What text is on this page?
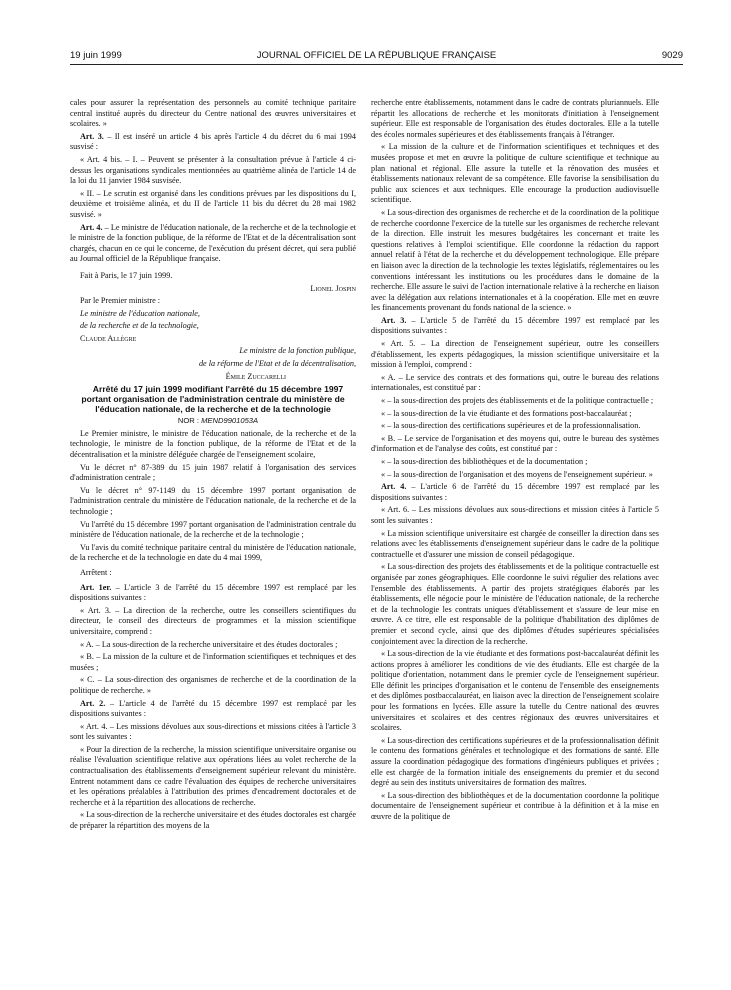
19 juin 1999	JOURNAL OFFICIEL DE LA RÉPUBLIQUE FRANÇAISE	9029

cales pour assurer la représentation des personnels au comité technique paritaire central institué auprès du directeur du Centre national des œuvres universitaires et scolaires. »

Art. 3. – Il est inséré un article 4 bis après l'article 4 du décret du 6 mai 1994 susvisé :

« Art. 4 bis. – I. – Peuvent se présenter à la consultation prévue à l'article 4 ci-dessus les organisations syndicales mentionnées au quatrième alinéa de l'article 14 de la loi du 11 janvier 1984 susvisée.

« II. – Le scrutin est organisé dans les conditions prévues par les dispositions du I, deuxième et troisième alinéa, et du II de l'article 11 bis du décret du 28 mai 1982 susvisé. »

Art. 4. – Le ministre de l'éducation nationale, de la recherche et de la technologie et le ministre de la fonction publique, de la réforme de l'Etat et de la décentralisation sont chargés, chacun en ce qui le concerne, de l'exécution du présent décret, qui sera publié au Journal officiel de la République française.

Fait à Paris, le 17 juin 1999.

Lionel Jospin

Par le Premier ministre :

Le ministre de l'éducation nationale,

de la recherche et de la technologie,

Claude Allègre

Le ministre de la fonction publique,

de la réforme de l'Etat et de la décentralisation,

Émile Zuccarelli

Arrêté du 17 juin 1999 modifiant l'arrêté du 15 décembre 1997 portant organisation de l'administration centrale du ministère de l'éducation nationale, de la recherche et de la technologie

NOR : MEND9901053A

Le Premier ministre, le ministre de l'éducation nationale, de la recherche et de la technologie, le ministre de la fonction publique, de la réforme de l'Etat et de la décentralisation et la ministre déléguée chargée de l'enseignement scolaire,

Vu le décret n° 87-389 du 15 juin 1987 relatif à l'organisation des services d'administration centrale ;

Vu le décret n° 97-1149 du 15 décembre 1997 portant organisation de l'administration centrale du ministère de l'éducation nationale, de la recherche et de la technologie ;

Vu l'arrêté du 15 décembre 1997 portant organisation de l'administration centrale du ministère de l'éducation nationale, de la recherche et de la technologie ;

Vu l'avis du comité technique paritaire central du ministère de l'éducation nationale, de la recherche et de la technologie en date du 4 mai 1999,

Arrêtent :

Art. 1er. – L'article 3 de l'arrêté du 15 décembre 1997 est remplacé par les dispositions suivantes :

« Art. 3. – La direction de la recherche, outre les conseillers scientifiques du directeur, le conseil des directeurs de programmes et la mission scientifique universitaire, comprend :

« A. – La sous-direction de la recherche universitaire et des études doctorales ;

« B. – La mission de la culture et de l'information scientifiques et techniques et des musées ;

« C. – La sous-direction des organismes de recherche et de la coordination de la politique de recherche. »

Art. 2. – L'article 4 de l'arrêté du 15 décembre 1997 est remplacé par les dispositions suivantes :

« Art. 4. – Les missions dévolues aux sous-directions et missions citées à l'article 3 sont les suivantes :

« Pour la direction de la recherche, la mission scientifique universitaire organise ou réalise l'évaluation scientifique relative aux opérations liées au volet recherche de la contractualisation des établissements d'enseignement supérieur relevant du ministère. Entrent notamment dans ce cadre l'évaluation des équipes de recherche universitaires et les opérations préalables à l'attribution des primes d'encadrement doctorales et de recherche et à la répartition des allocations de recherche.

« La sous-direction de la recherche universitaire et des études doctorales est chargée de préparer la répartition des moyens de la

recherche entre établissements, notamment dans le cadre de contrats pluriannuels. Elle répartit les allocations de recherche et les monitorats d'initiation à l'enseignement supérieur. Elle est responsable de l'organisation des études doctorales. Elle a la tutelle des écoles normales supérieures et des établissements français à l'étranger.

« La mission de la culture et de l'information scientifiques et techniques et des musées propose et met en œuvre la politique de culture scientifique et technique au plan national et régional. Elle assure la tutelle et la rénovation des musées et établissements nationaux relevant de sa compétence. Elle favorise la sensibilisation du public aux sciences et aux techniques. Elle encourage la production audiovisuelle scientifique.

« La sous-direction des organismes de recherche et de la coordination de la politique de recherche coordonne l'exercice de la tutelle sur les organismes de recherche relevant de la direction. Elle instruit les mesures budgétaires les concernant et traite les questions relatives à l'emploi scientifique. Elle coordonne la rédaction du rapport annuel relatif à l'état de la recherche et du développement technologique. Elle prépare en liaison avec la direction de la technologie les textes législatifs, réglementaires ou les conventions intéressant les institutions ou les procédures dans le domaine de la recherche. Elle assure le suivi de l'action internationale relative à la recherche en liaison avec la délégation aux relations internationales et à la coopération. Elle met en œuvre les financements provenant du fonds national de la science. »

Art. 3. – L'article 5 de l'arrêté du 15 décembre 1997 est remplacé par les dispositions suivantes :

« Art. 5. – La direction de l'enseignement supérieur, outre les conseillers d'établissement, les experts pédagogiques, la mission scientifique universitaire et la mission à l'emploi, comprend :

« A. – Le service des contrats et des formations qui, outre le bureau des relations internationales, est constitué par :

« – la sous-direction des projets des établissements et de la politique contractuelle ;

« – la sous-direction de la vie étudiante et des formations post-baccalauréat ;

« – la sous-direction des certifications supérieures et de la professionnalisation.

« B. – Le service de l'organisation et des moyens qui, outre le bureau des systèmes d'information et de l'analyse des coûts, est constitué par :

« – la sous-direction des bibliothèques et de la documentation ;

« – la sous-direction de l'organisation et des moyens de l'enseignement supérieur. »

Art. 4. – L'article 6 de l'arrêté du 15 décembre 1997 est remplacé par les dispositions suivantes :

« Art. 6. – Les missions dévolues aux sous-directions et mission citées à l'article 5 sont les suivantes :

« La mission scientifique universitaire est chargée de conseiller la direction dans ses relations avec les établissements d'enseignement supérieur dans le cadre de la politique contractuelle et d'assurer une mission de conseil pédagogique.

« La sous-direction des projets des établissements et de la politique contractuelle est organisée par zones géographiques. Elle coordonne le suivi régulier des relations avec l'ensemble des établissements. A partir des projets stratégiques élaborés par les établissements, elle négocie pour le ministère de l'éducation nationale, de la recherche et de la technologie les contrats uniques d'établissement et s'assure de leur mise en œuvre. A ce titre, elle est responsable de la politique d'habilitation des diplômes de premier et second cycle, ainsi que des diplômes d'études supérieures spécialisées conjointement avec la direction de la recherche.

« La sous-direction de la vie étudiante et des formations post-baccalauréat définit les actions propres à améliorer les conditions de vie des étudiants. Elle est chargée de la politique d'orientation, notamment dans le premier cycle de l'enseignement supérieur. Elle définit les principes d'organisation et le contenu de l'ensemble des enseignements et des diplômes postbaccalauréat, en liaison avec la direction de l'enseignement scolaire pour les formations en lycées. Elle assure la tutelle du Centre national des œuvres universitaires et scolaires et des centres régionaux des œuvres universitaires et scolaires.

« La sous-direction des certifications supérieures et de la professionnalisation définit le contenu des formations générales et technologique et des formations de santé. Elle assure la coordination pédagogique des formations d'ingénieurs publiques et privées ; elle est chargée de la formation initiale des enseignements du premier et du second degré au sein des instituts universitaires de formation des maîtres.

« La sous-direction des bibliothèques et de la documentation coordonne la politique documentaire de l'enseignement supérieur et contribue à la définition et à la mise en œuvre de la politique de
